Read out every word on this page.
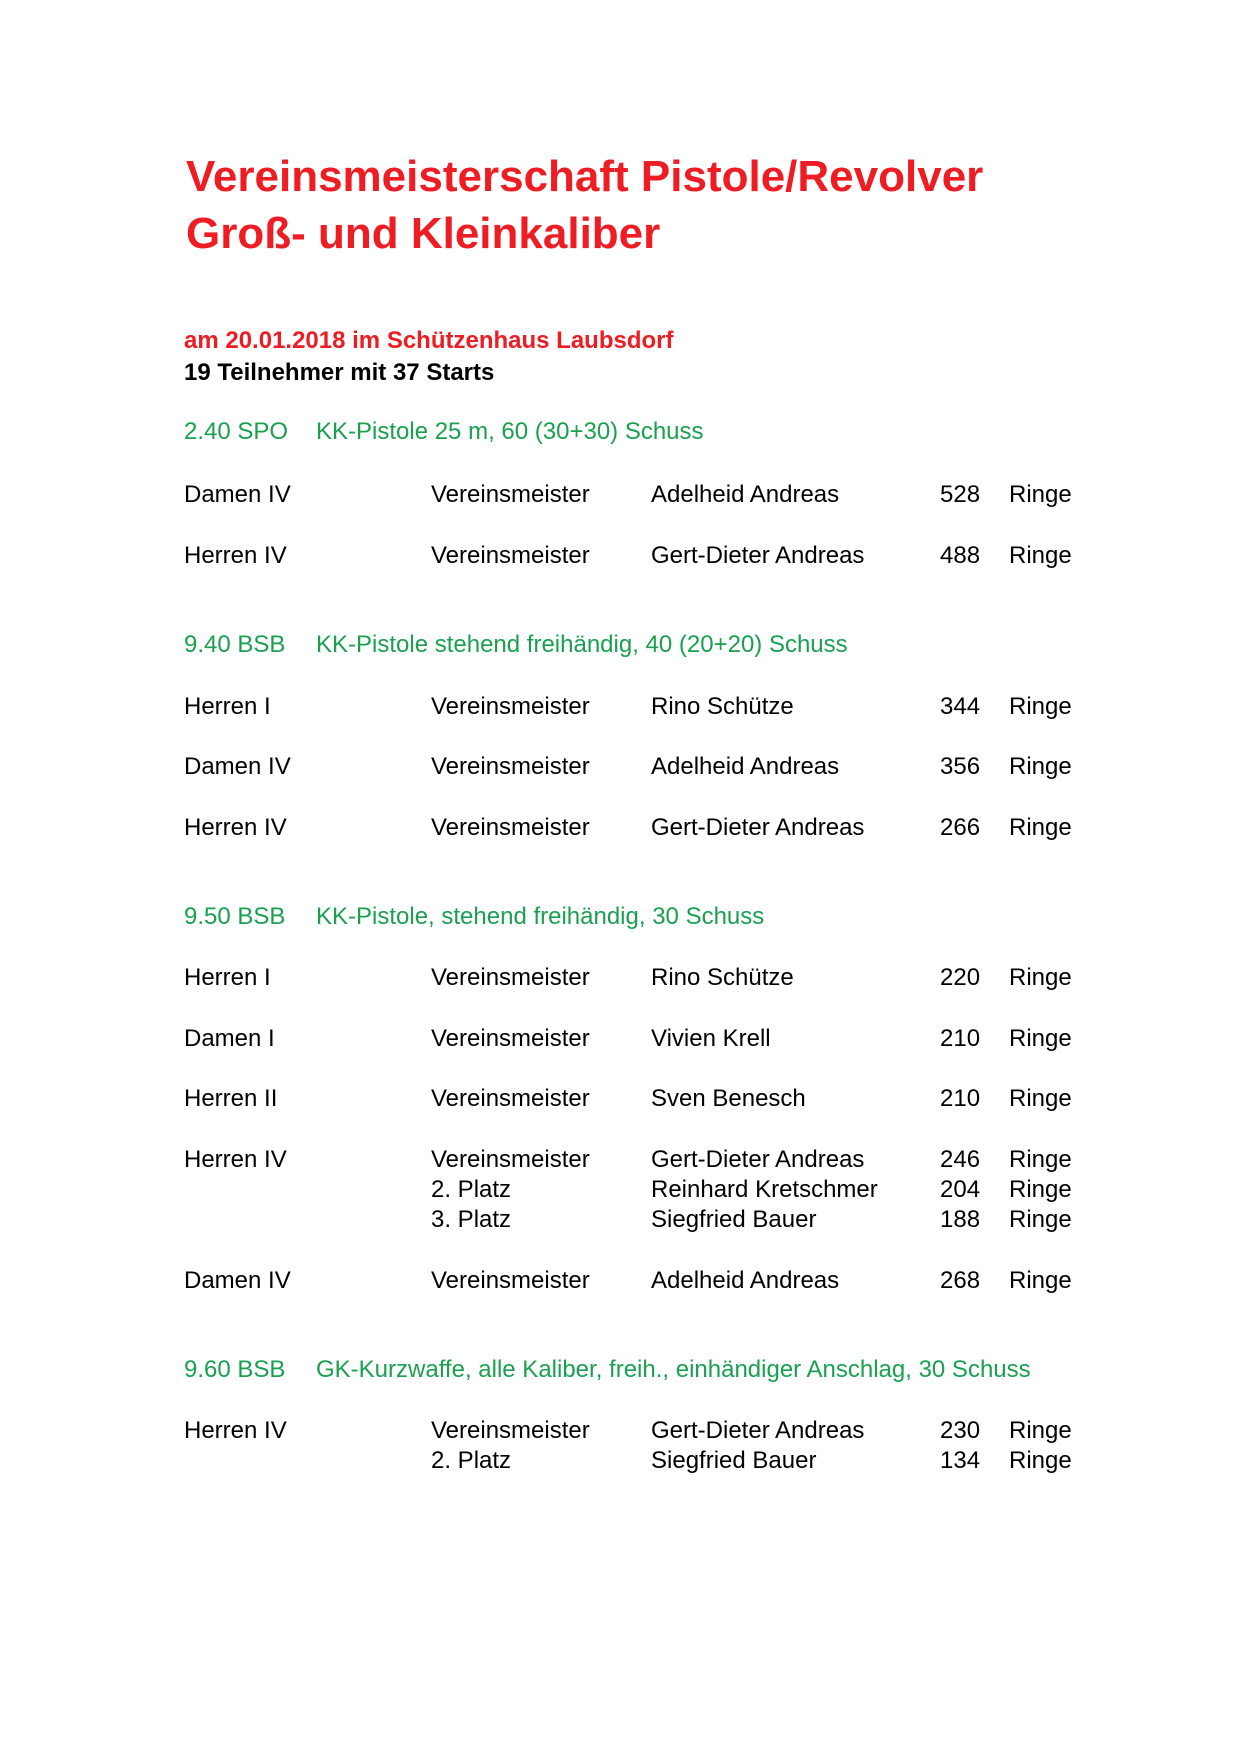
Vereinsmeisterschaft Pistole/Revolver
Groß- und Kleinkaliber
am 20.01.2018 im Schützenhaus Laubsdorf
19 Teilnehmer mit 37 Starts
2.40 SPO KK-Pistole 25 m, 60 (30+30) Schuss
Damen IV	Vereinsmeister	Adelheid Andreas	528 Ringe
Herren IV	Vereinsmeister	Gert-Dieter Andreas	488 Ringe
9.40 BSB KK-Pistole stehend freihändig, 40 (20+20) Schuss
Herren I	Vereinsmeister	Rino Schütze	344 Ringe
Damen IV	Vereinsmeister	Adelheid Andreas	356 Ringe
Herren IV	Vereinsmeister	Gert-Dieter Andreas	266 Ringe
9.50 BSB KK-Pistole, stehend freihändig, 30 Schuss
Herren I	Vereinsmeister	Rino Schütze	220 Ringe
Damen I	Vereinsmeister	Vivien Krell	210 Ringe
Herren II	Vereinsmeister	Sven Benesch	210 Ringe
Herren IV	Vereinsmeister	Gert-Dieter Andreas	246 Ringe
2. Platz	Reinhard Kretschmer	204 Ringe
3. Platz	Siegfried Bauer	188 Ringe
Damen IV	Vereinsmeister	Adelheid Andreas	268 Ringe
9.60 BSB GK-Kurzwaffe, alle Kaliber, freih., einhändiger Anschlag, 30 Schuss
Herren IV	Vereinsmeister	Gert-Dieter Andreas	230 Ringe
2. Platz	Siegfried Bauer	134 Ringe
